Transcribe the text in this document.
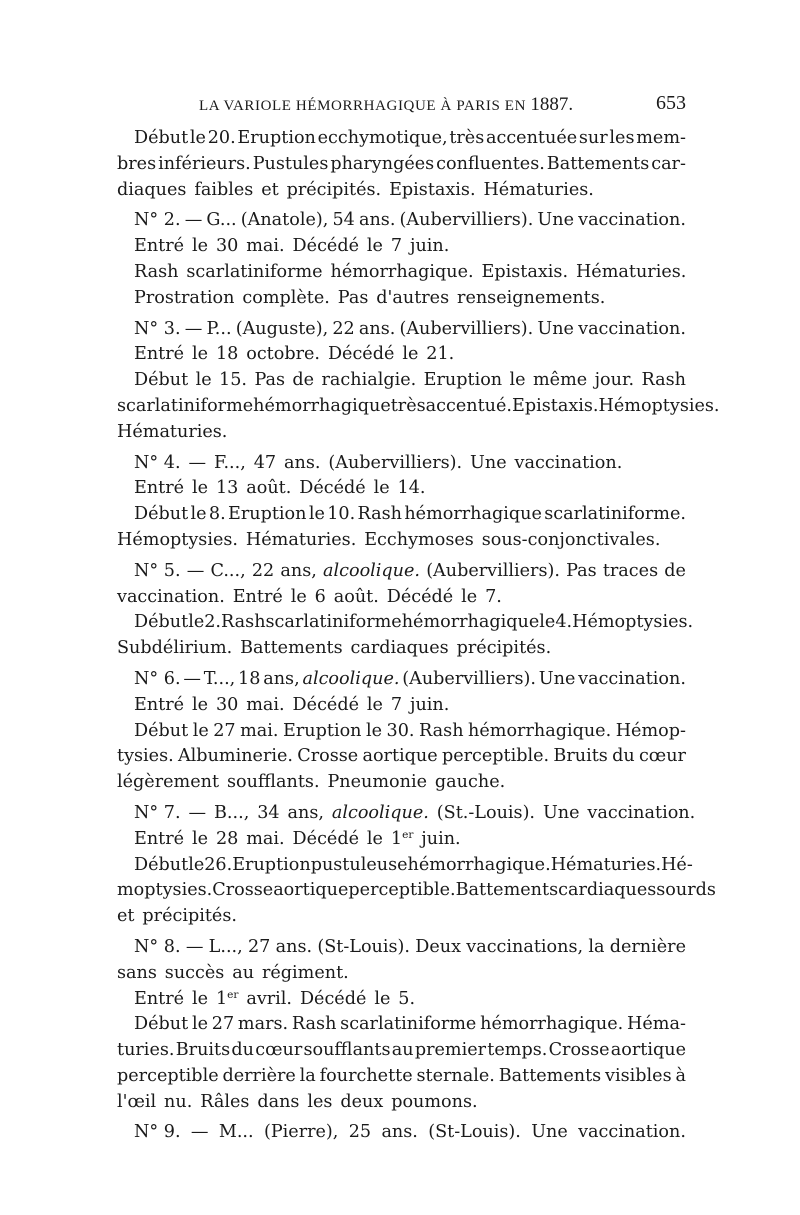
LA VARIOLE HÉMORRHAGIQUE À PARIS EN 1887.	653
Début le 20. Eruption ecchymotique, très accentuée sur les mem-
bres inférieurs. Pustules pharyngées confluentes. Battements car-
diaques faibles et précipités. Epistaxis. Hématuries.
N° 2. — G... (Anatole), 54 ans. (Aubervilliers). Une vaccination.
Entré le 30 mai. Décédé le 7 juin.
Rash scarlatiniforme hémorrhagique. Epistaxis. Hématuries.
Prostration complète. Pas d'autres renseignements.
N° 3. — P... (Auguste), 22 ans. (Aubervilliers). Une vaccination.
Entré le 18 octobre. Décédé le 21.
Début le 15. Pas de rachialgie. Eruption le même jour. Rash
scarlatiniforme hémorrhagique très accentué. Epistaxis. Hémoptysies.
Hématuries.
N° 4. — F..., 47 ans. (Aubervilliers). Une vaccination.
Entré le 13 août. Décédé le 14.
Début le 8. Eruption le 10. Rash hémorrhagique scarlatiniforme.
Hémoptysies. Hématuries. Ecchymoses sous-conjonctivales.
N° 5. — C..., 22 ans, alcoolique. (Aubervilliers). Pas traces de
vaccination. Entré le 6 août. Décédé le 7.
Début le 2. Rash scarlatiniforme hémorrhagique le 4. Hémoptysies.
Subdélirium. Battements cardiaques précipités.
N° 6. — T..., 18 ans, alcoolique. (Aubervilliers). Une vaccination.
Entré le 30 mai. Décédé le 7 juin.
Début le 27 mai. Eruption le 30. Rash hémorrhagique. Hémop-
tysies. Albuminerie. Crosse aortique perceptible. Bruits du cœur
légèrement soufflants. Pneumonie gauche.
N° 7. — B..., 34 ans, alcoolique. (St.-Louis). Une vaccination.
Entré le 28 mai. Décédé le 1er juin.
Début le 26. Eruption pustuleuse hémorrhagique. Hématuries. Hé-
moptysies. Crosse aortique perceptible. Battements cardiaques sourds
et précipités.
N° 8. — L..., 27 ans. (St-Louis). Deux vaccinations, la dernière
sans succès au régiment.
Entré le 1er avril. Décédé le 5.
Début le 27 mars. Rash scarlatiniforme hémorrhagique. Héma-
turies. Bruits du cœur soufflants au premier temps. Crosse aortique
perceptible derrière la fourchette sternale. Battements visibles à
l'œil nu. Râles dans les deux poumons.
N° 9. — M... (Pierre), 25 ans. (St-Louis). Une vaccination.
